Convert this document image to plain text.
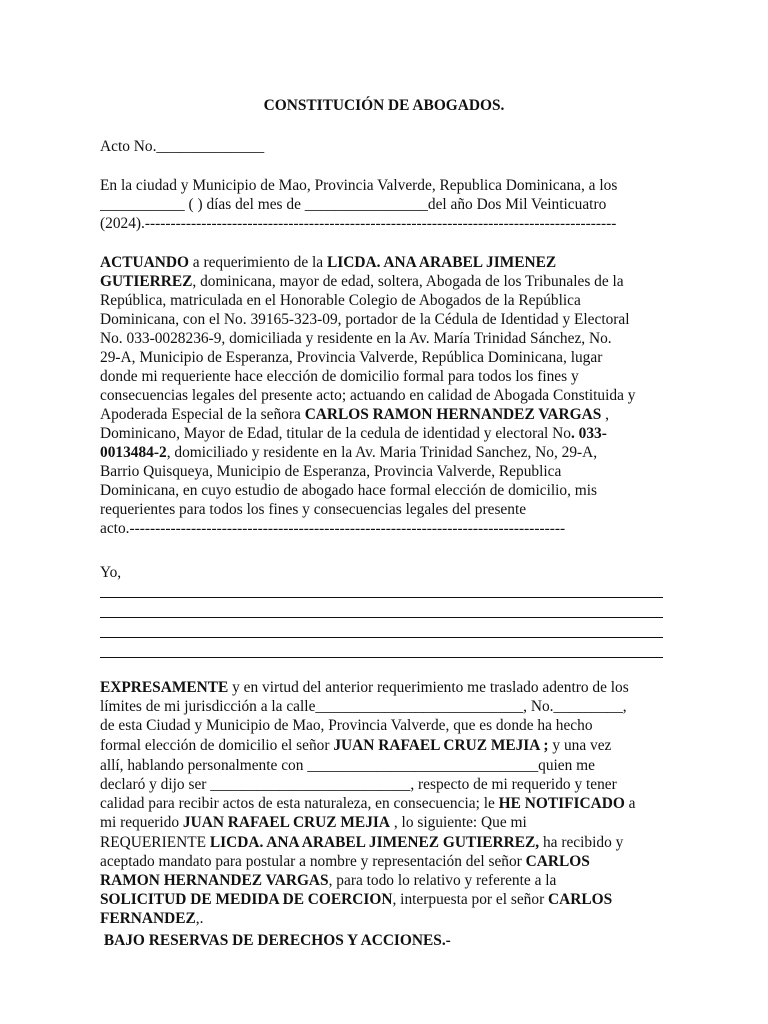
CONSTITUCIÓN DE ABOGADOS.
Acto No.______________
En la ciudad y Municipio de Mao, Provincia Valverde, Republica Dominicana, a los
___________ ( ) días del mes de ________________del año Dos Mil Veinticuatro
(2024).--------------------------------------------------------------------------------------------
ACTUANDO a requerimiento de la LICDA. ANA ARABEL JIMENEZ
GUTIERREZ, dominicana, mayor de edad, soltera, Abogada de los Tribunales de la
República, matriculada en el Honorable Colegio de Abogados de la República
Dominicana, con el No. 39165-323-09, portador de la Cédula de Identidad y Electoral
No. 033-0028236-9, domiciliada y residente en la Av. María Trinidad Sánchez, No.
29-A, Municipio de Esperanza, Provincia Valverde, República Dominicana, lugar
donde mi requeriente hace elección de domicilio formal para todos los fines y
consecuencias legales del presente acto; actuando en calidad de Abogada Constituida y
Apoderada Especial de la señora CARLOS RAMON HERNANDEZ VARGAS ,
Dominicano, Mayor de Edad, titular de la cedula de identidad y electoral No. 033-
0013484-2, domiciliado y residente en la Av. Maria Trinidad Sanchez, No, 29-A,
Barrio Quisqueya, Municipio de Esperanza, Provincia Valverde, Republica
Dominicana, en cuyo estudio de abogado hace formal elección de domicilio, mis
requerientes para todos los fines y consecuencias legales del presente
acto.-------------------------------------------------------------------------------------
Yo,
EXPRESAMENTE y en virtud del anterior requerimiento me traslado adentro de los
límites de mi jurisdicción a la calle___________________________, No._________,
de esta Ciudad y Municipio de Mao, Provincia Valverde, que es donde ha hecho
formal elección de domicilio el señor JUAN RAFAEL CRUZ MEJIA ; y una vez
allí, hablando personalmente con ______________________________quien me
declaró y dijo ser __________________________, respecto de mi requerido y tener
calidad para recibir actos de esta naturaleza, en consecuencia; le HE NOTIFICADO a
mi requerido JUAN RAFAEL CRUZ MEJIA , lo siguiente: Que mi
REQUERIENTE LICDA. ANA ARABEL JIMENEZ GUTIERREZ, ha recibido y
aceptado mandato para postular a nombre y representación del señor CARLOS
RAMON HERNANDEZ VARGAS, para todo lo relativo y referente a la
SOLICITUD DE MEDIDA DE COERCION, interpuesta por el señor CARLOS
FERNANDEZ,.
BAJO RESERVAS DE DERECHOS Y ACCIONES.-
